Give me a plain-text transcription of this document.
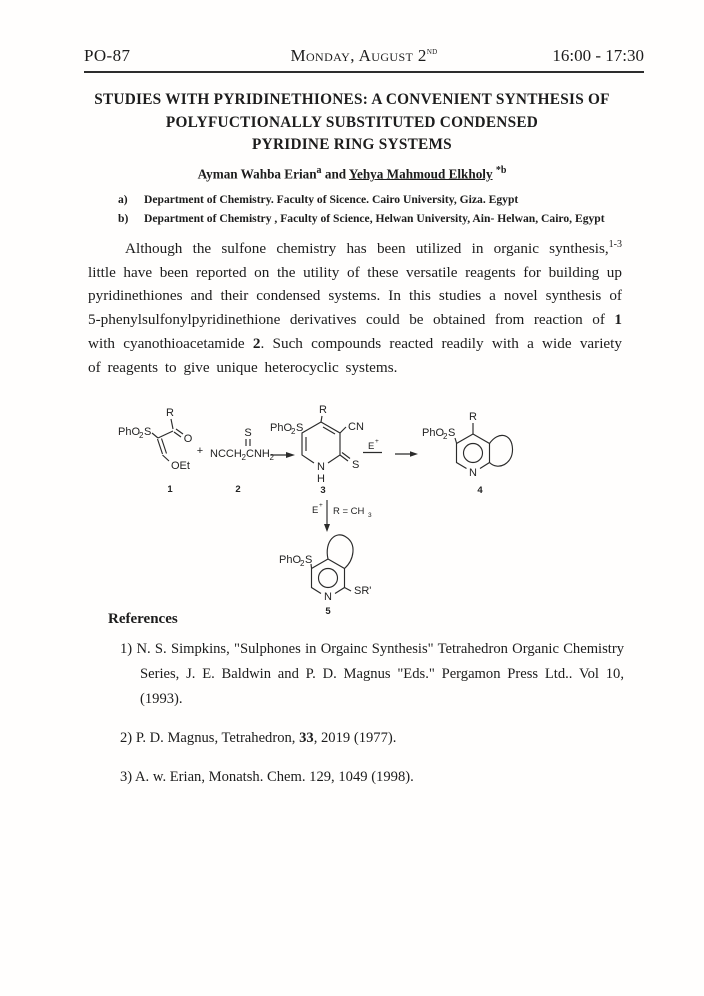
PO-87	Monday, August 2nd	16:00 - 17:30
STUDIES WITH PYRIDINETHIONES: A CONVENIENT SYNTHESIS OF
POLYFUCTIONALLY SUBSTITUTED CONDENSED
PYRIDINE RING SYSTEMS
Ayman Wahba Erian$^a$ and Yehya Mahmoud Elkholy $^{*b}$
a) Department of Chemistry. Faculty of Sicence. Cairo University, Giza. Egypt
b) Department of Chemistry , Faculty of Science, Helwan University, Ain- Helwan, Cairo, Egypt

Although the sulfone chemistry has been utilized in organic synthesis,$^{1-3}$ little have been reported on the utility of these versatile reagents for building up pyridinethiones and their condensed systems. In this studies a novel synthesis of 5-phenylsulfonylpyridinethione derivatives could be obtained from reaction of 1 with cyanothioacetamide 2. Such compounds reacted readily with a wide variety of reagents to give unique heterocyclic systems.

PhO
2 S
R
O
OEt
1
+
S
NCCH 2 CNH 2
2
R
PhO
2 S	CN
S
N
H
3
E +
R
PhO
2 S
N
4
E +
R = CH 3
PhO
2 S
N SR'
5
References
1) N. S. Simpkins, "Sulphones in Orgainc Synthesis" Tetrahedron Organic Chemistry Series, J. E. Baldwin and P. D. Magnus "Eds." Pergamon Press Ltd.. Vol 10, (1993).
2) P. D. Magnus, Tetrahedron, 33, 2019 (1977).
3) A. w. Erian, Monatsh. Chem. 129, 1049 (1998).
